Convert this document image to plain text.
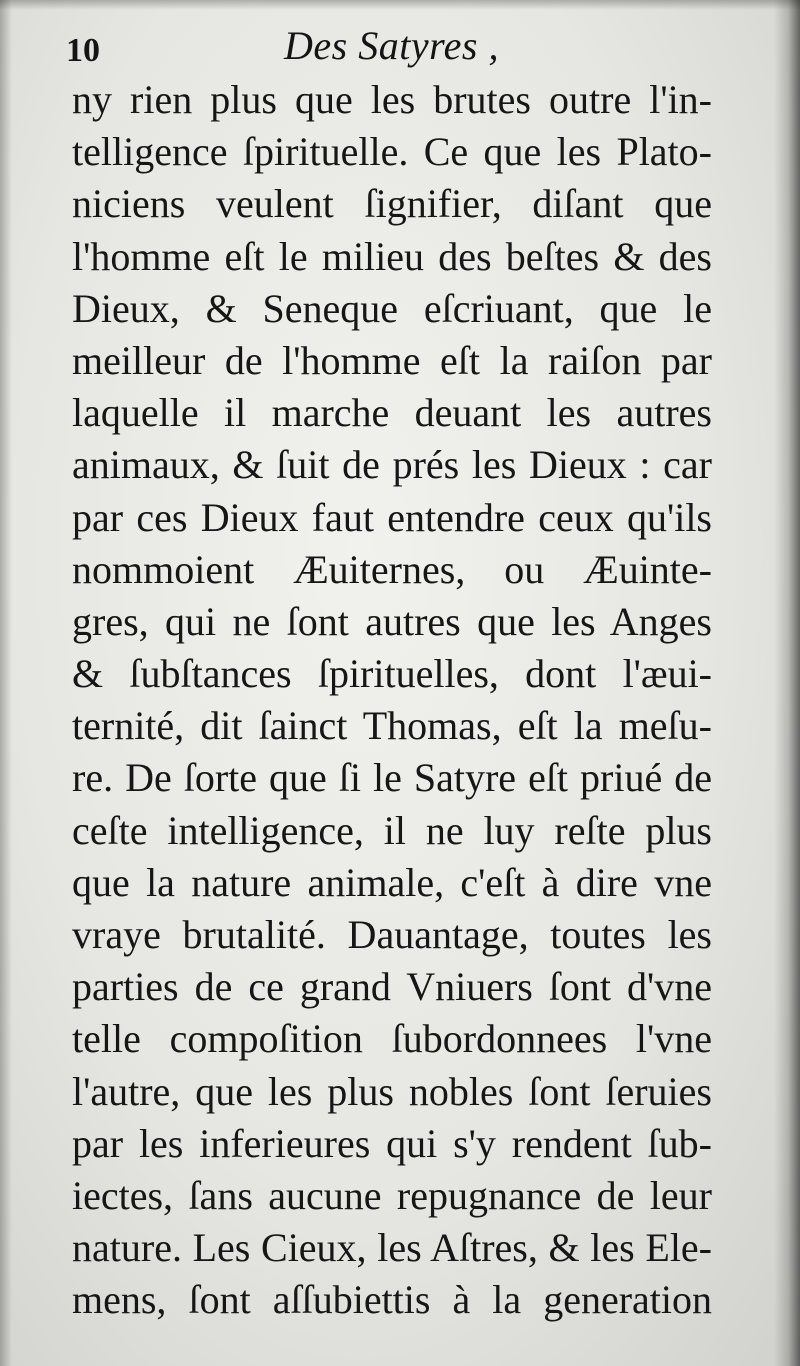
10	Des Satyres ,
ny rien plus que les brutes outre l'in-
telligence ſpirituelle. Ce que les Plato-
niciens veulent ſignifier, diſant que
l'homme eſt le milieu des beſtes & des
Dieux, & Seneque eſcriuant, que le
meilleur de l'homme eſt la raiſon par
laquelle il marche deuant les autres
animaux, & ſuit de prés les Dieux : car
par ces Dieux faut entendre ceux qu'ils
nommoient Æuiternes, ou Æuinte-
gres, qui ne ſont autres que les Anges
& ſubſtances ſpirituelles, dont l'æui-
ternité, dit ſainct Thomas, eſt la meſu-
re. De ſorte que ſi le Satyre eſt priué de
ceſte intelligence, il ne luy reſte plus
que la nature animale, c'eſt à dire vne
vraye brutalité. Dauantage, toutes les
parties de ce grand Vniuers ſont d'vne
telle compoſition ſubordonnees l'vne
l'autre, que les plus nobles ſont ſeruies
par les inferieures qui s'y rendent ſub-
iectes, ſans aucune repugnance de leur
nature. Les Cieux, les Aſtres, & les Ele-
mens, ſont aſſubiettis à la generation
